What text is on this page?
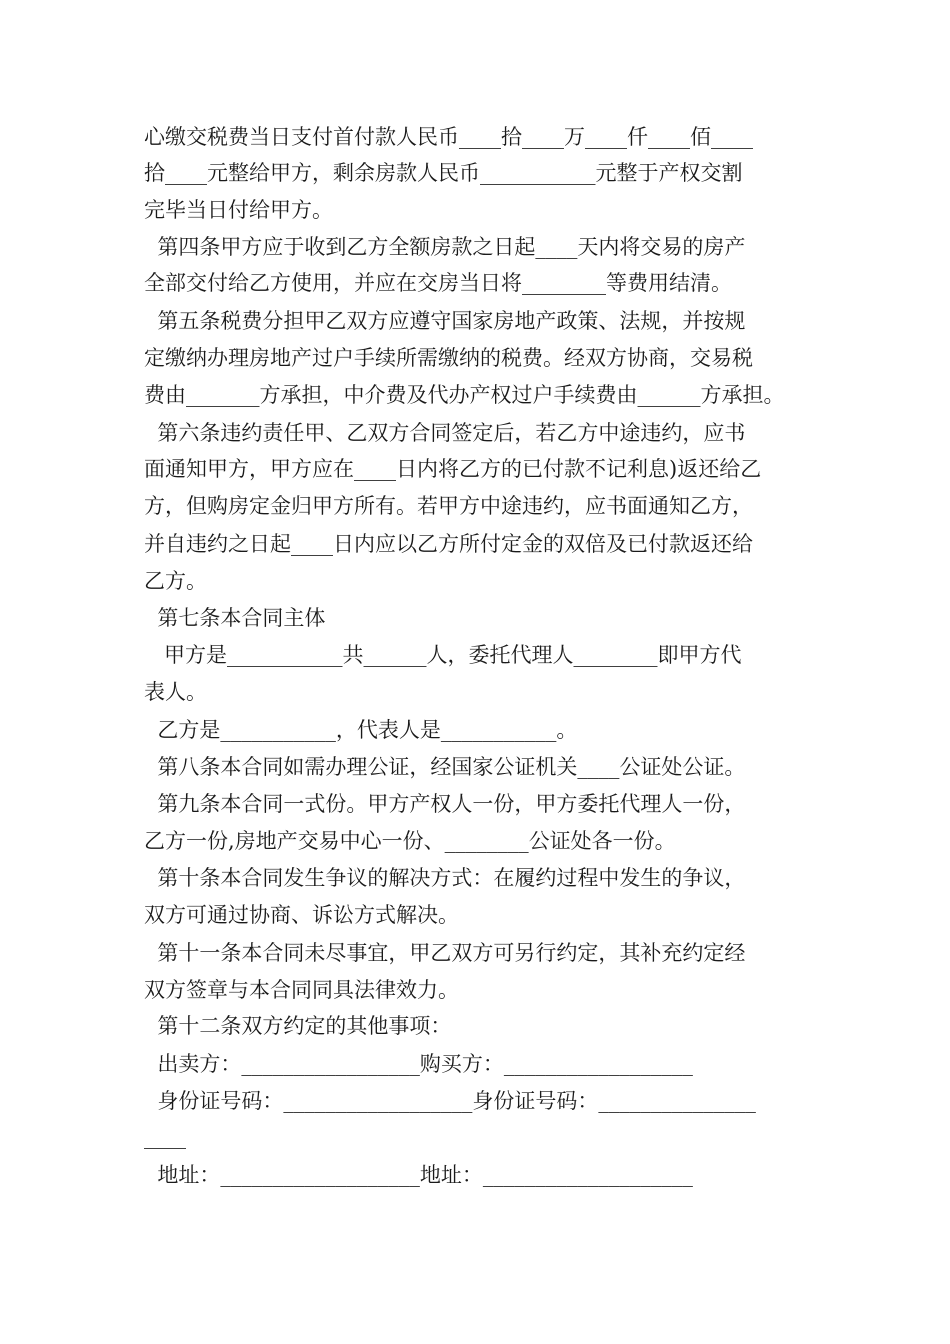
心缴交税费当日支付首付款人民币____拾____万____仟____佰____
拾____元整给甲方，剩余房款人民币___________元整于产权交割
完毕当日付给甲方。
第四条甲方应于收到乙方全额房款之日起____天内将交易的房产
全部交付给乙方使用，并应在交房当日将________等费用结清。
第五条税费分担甲乙双方应遵守国家房地产政策、法规，并按规
定缴纳办理房地产过户手续所需缴纳的税费。经双方协商，交易税
费由_______方承担，中介费及代办产权过户手续费由______方承担。
第六条违约责任甲、乙双方合同签定后，若乙方中途违约，应书
面通知甲方，甲方应在____日内将乙方的已付款不记利息)返还给乙
方，但购房定金归甲方所有。若甲方中途违约，应书面通知乙方，
并自违约之日起____日内应以乙方所付定金的双倍及已付款返还给
乙方。
第七条本合同主体
甲方是___________共______人，委托代理人________即甲方代
表人。
乙方是___________，代表人是___________。
第八条本合同如需办理公证，经国家公证机关____公证处公证。
第九条本合同一式份。甲方产权人一份，甲方委托代理人一份，
乙方一份,房地产交易中心一份、________公证处各一份。
第十条本合同发生争议的解决方式：在履约过程中发生的争议，
双方可通过协商、诉讼方式解决。
第十一条本合同未尽事宜，甲乙双方可另行约定，其补充约定经
双方签章与本合同同具法律效力。
第十二条双方约定的其他事项：
出卖方：_________________购买方：__________________
身份证号码：__________________身份证号码：_______________
____
地址：___________________地址：____________________
